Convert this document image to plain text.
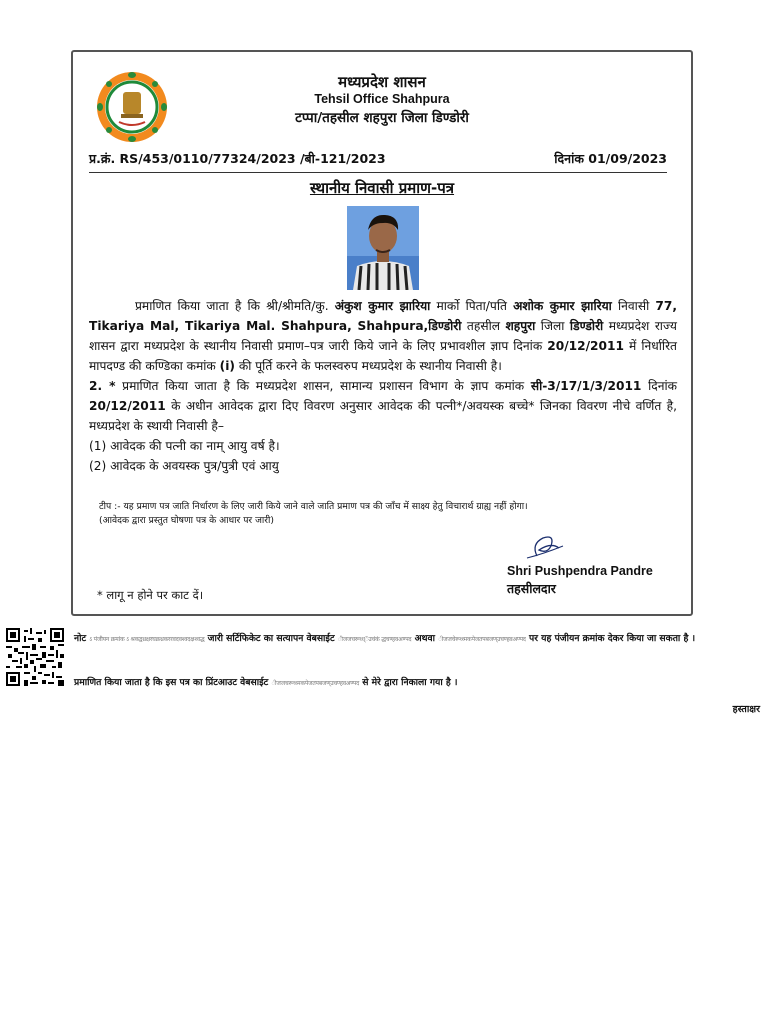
मध्यप्रदेश शासन
Tehsil Office Shahpura
टप्पा/तहसील शहपुरा जिला डिण्डोरी
प्र.क्रं. RS/453/0110/77324/2023 /बी-121/2023	दिनांक 01/09/2023
स्थानीय निवासी प्रमाण-पत्र

प्रमाणित किया जाता है कि श्री/श्रीमति/कु. अंकुश कुमार झारिया मार्को पिता/पति अशोक कुमार झारिया निवासी 77, Tikariya Mal, Tikariya Mal. Shahpura, Shahpura,डिण्डोरी तहसील शहपुरा जिला डिण्डोरी मध्यप्रदेश राज्य शासन द्वारा मध्यप्रदेश के स्थानीय निवासी प्रमाण–पत्र जारी किये जाने के लिए प्रभावशील ज्ञाप दिनांक 20/12/2011 में निर्धारित मापदण्ड की कण्डिका कमांक (i) की पूर्ति करने के फलस्वरुप मध्यप्रदेश के स्थानीय निवासी है।

2. * प्रमाणित किया जाता है कि मध्यप्रदेश शासन, सामान्य प्रशासन विभाग के ज्ञाप कमांक सी-3/17/1/3/2011 दिनांक 20/12/2011 के अधीन आवेदक द्वारा दिए विवरण अनुसार आवेदक की पत्नी*/अवयस्क बच्चे* जिनका विवरण नीचे वर्णित है, मध्यप्रदेश के स्थायी निवासी है–

(1) आवेदक की पत्नी का नाम् आयु वर्ष है।

(2) आवेदक के अवयस्क पुत्र/पुत्री एवं आयु

टीप :- यह प्रमाण पत्र जाति निर्धारण के लिए जारी किये जाने वाले जाति प्रमाण पत्र की जाँच में साक्ष्य हेतु विचारार्थ ग्राह्य नहीं होगा।
(आवेदक द्वारा प्रस्तुत घोषणा पत्र के आधार पर जारी)
Shri Pushpendra Pandre
तहसीलदार
* लागू न होने पर काट दें।
नोट ऽ पंजीयन क्रमांक ऽ श्रकद्वथ्रक्षरघक्रथ्रकररवदवश्वदक्षश्वद्ध जारी सर्टिफिकेट का सत्यापन वेबसाईट ीजजचरूध्ध्ेंउचंकं द्धचण्हवअण्पद अथवा ीजजचेरूध्ध्मकपेजतपबजण्उचण्हवअण्पद पर यह पंजीयन क्रमांक देकर किया जा सकता है ।
प्रमाणित किया जाता है कि इस पत्र का प्रिंटआउट वेबसाईट ीजजचरूध्ध्मकपेजतपबजण्उचण्हवअण्पद से मेरे द्वारा निकाला गया है ।
हस्ताक्षर
